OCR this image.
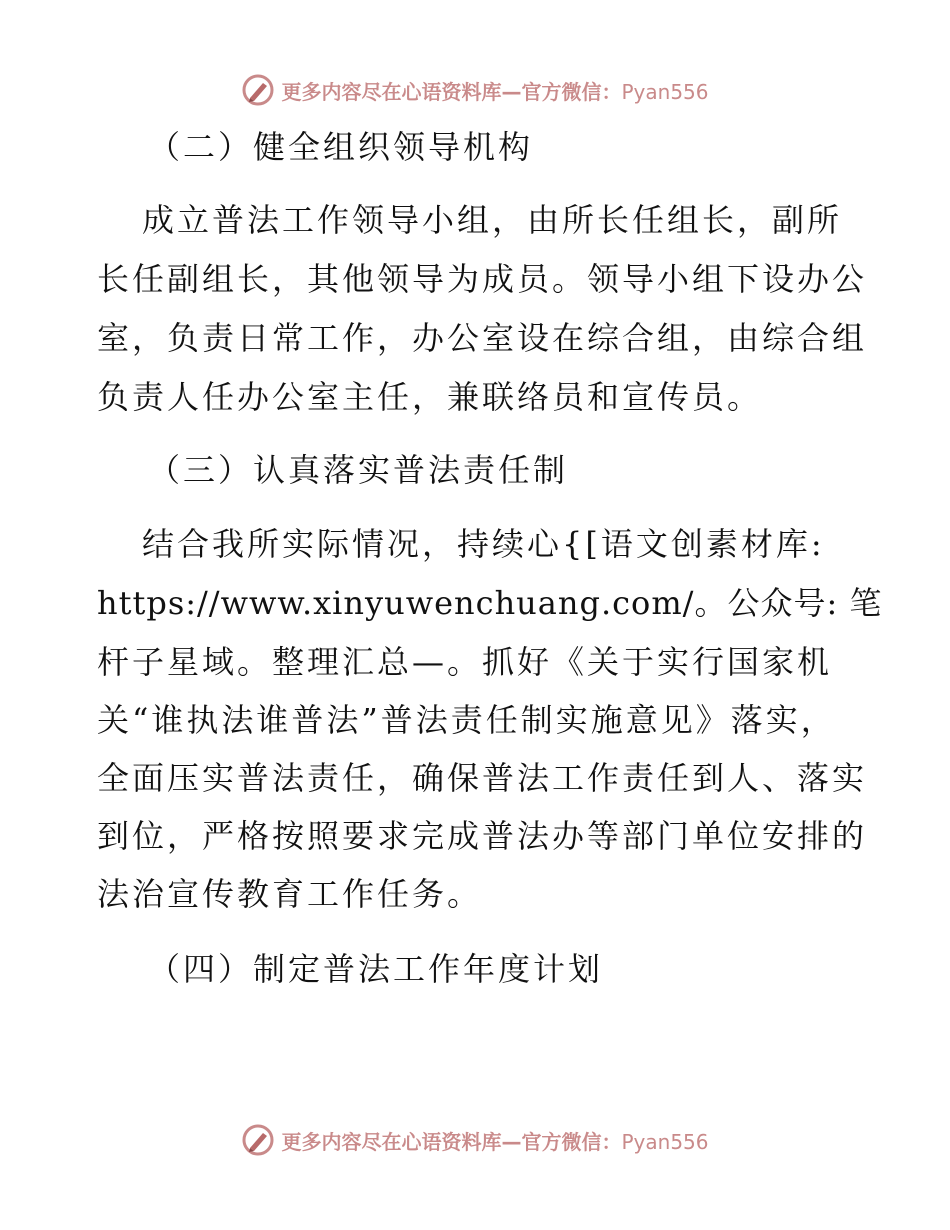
更多内容尽在心语资料库—官方微信：Pyan556
（二）健全组织领导机构
成立普法工作领导小组，由所长任组长，副所
长任副组长，其他领导为成员。领导小组下设办公
室，负责日常工作，办公室设在综合组，由综合组
负责人任办公室主任，兼联络员和宣传员。
（三）认真落实普法责任制
结合我所实际情况，持续心{[语文创素材库:
https://www.xinyuwenchuang.com/。公众号: 笔
杆子星域。整理汇总—。抓好《关于实行国家机
关“谁执法谁普法”普法责任制实施意见》落实，
全面压实普法责任，确保普法工作责任到人、落实
到位，严格按照要求完成普法办等部门单位安排的
法治宣传教育工作任务。
（四）制定普法工作年度计划
更多内容尽在心语资料库—官方微信：Pyan556
